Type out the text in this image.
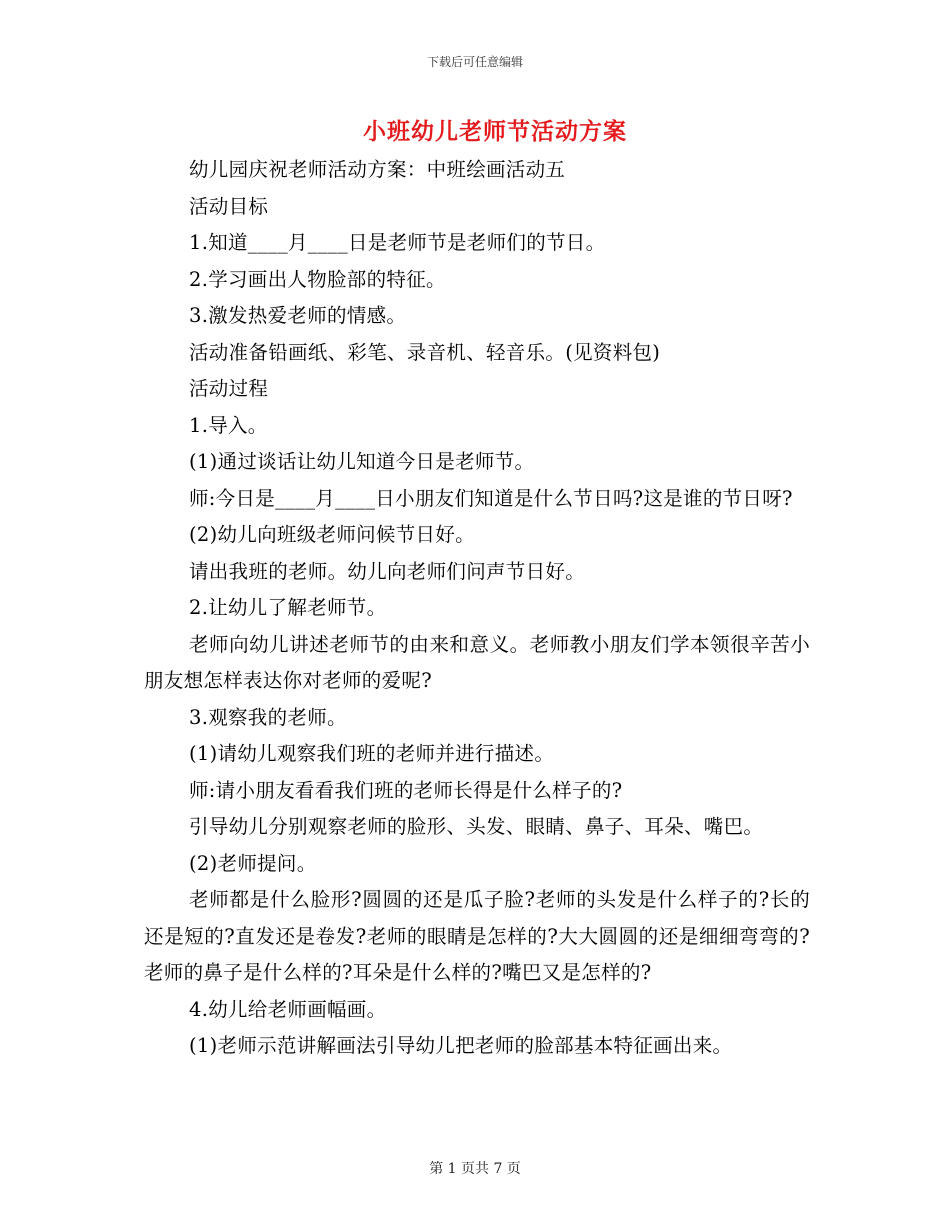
下载后可任意编辑
小班幼儿老师节活动方案

幼儿园庆祝老师活动方案：中班绘画活动五

活动目标

1.知道____月____日是老师节是老师们的节日。

2.学习画出人物脸部的特征。

3.激发热爱老师的情感。

活动准备铅画纸、彩笔、录音机、轻音乐。(见资料包)

活动过程

1.导入。

(1)通过谈话让幼儿知道今日是老师节。

师:今日是____月____日小朋友们知道是什么节日吗?这是谁的节日呀?

(2)幼儿向班级老师问候节日好。

请出我班的老师。幼儿向老师们问声节日好。

2.让幼儿了解老师节。

老师向幼儿讲述老师节的由来和意义。老师教小朋友们学本领很辛苦小朋友想怎样表达你对老师的爱呢?

3.观察我的老师。

(1)请幼儿观察我们班的老师并进行描述。

师:请小朋友看看我们班的老师长得是什么样子的?

引导幼儿分别观察老师的脸形、头发、眼睛、鼻子、耳朵、嘴巴。

(2)老师提问。

老师都是什么脸形?圆圆的还是瓜子脸?老师的头发是什么样子的?长的还是短的?直发还是卷发?老师的眼睛是怎样的?大大圆圆的还是细细弯弯的?老师的鼻子是什么样的?耳朵是什么样的?嘴巴又是怎样的?

4.幼儿给老师画幅画。

(1)老师示范讲解画法引导幼儿把老师的脸部基本特征画出来。

第 1 页共 7 页
